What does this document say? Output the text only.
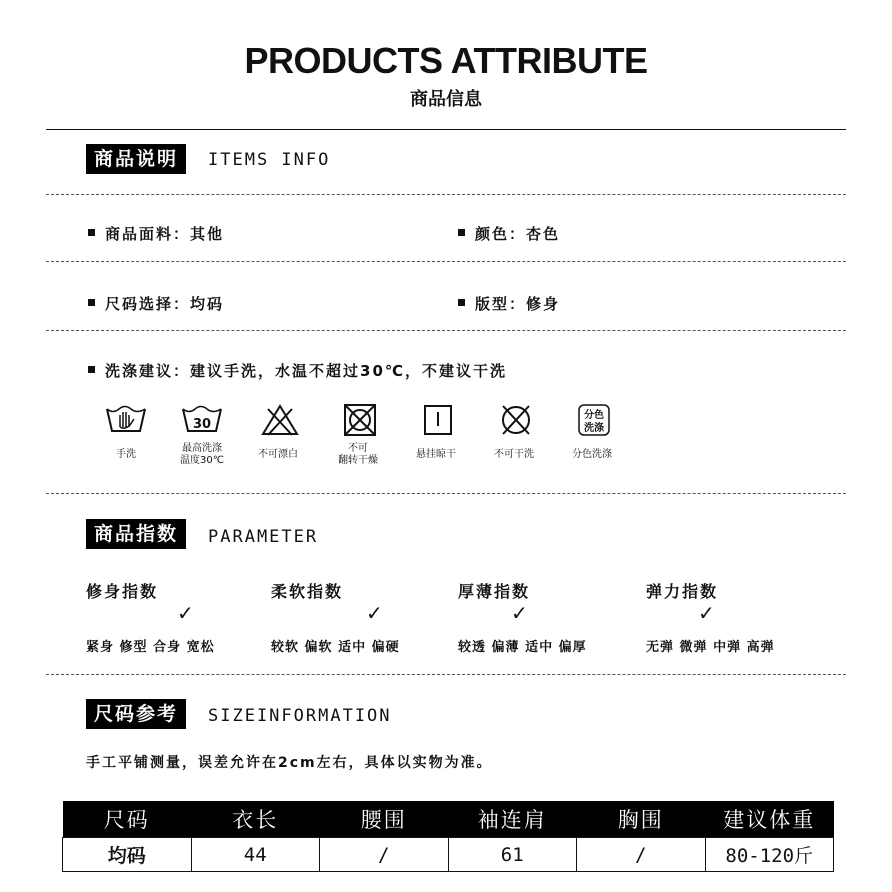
PRODUCTS ATTRIBUTE
商品信息
商品说明	ITEMS INFO
商品面料：其他	颜色：杏色
尺码选择：均码	版型：修身
洗涤建议：建议手洗，水温不超过30℃，不建议干洗
手洗
30
最高洗涤
温度30℃
不可漂白
不可
翻转干燥
悬挂晾干	不可干洗
分色
洗涤
分色洗涤
商品指数	PARAMETER
修身指数
✓
紧身 修型 合身 宽松
柔软指数
✓
较软 偏软 适中 偏硬
厚薄指数
✓
较透 偏薄 适中 偏厚
弹力指数
✓
无弹 微弹 中弹 高弹
尺码参考	SIZEINFORMATION
手工平铺测量，误差允许在2cm左右，具体以实物为准。
尺码	衣长	腰围	袖连肩	胸围	建议体重
均码	44	/	61	/	80-120斤
